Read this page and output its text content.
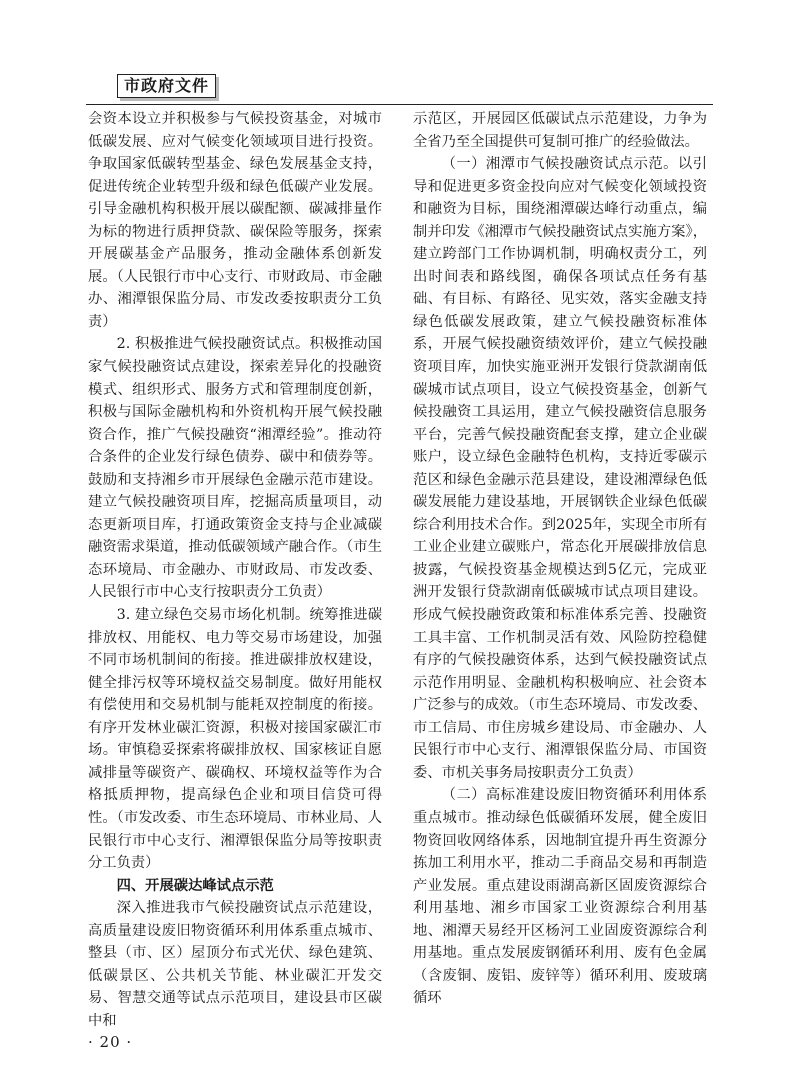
市政府文件

会资本设立并积极参与气候投资基金，对城市低碳发展、应对气候变化领域项目进行投资。争取国家低碳转型基金、绿色发展基金支持，促进传统企业转型升级和绿色低碳产业发展。引导金融机构积极开展以碳配额、碳减排量作为标的物进行质押贷款、碳保险等服务，探索开展碳基金产品服务，推动金融体系创新发展。（人民银行市中心支行、市财政局、市金融办、湘潭银保监分局、市发改委按职责分工负责）

2. 积极推进气候投融资试点。积极推动国家气候投融资试点建设，探索差异化的投融资模式、组织形式、服务方式和管理制度创新，积极与国际金融机构和外资机构开展气候投融资合作，推广气候投融资“湘潭经验”。推动符合条件的企业发行绿色债券、碳中和债券等。鼓励和支持湘乡市开展绿色金融示范市建设。建立气候投融资项目库，挖掘高质量项目，动态更新项目库，打通政策资金支持与企业减碳融资需求渠道，推动低碳领域产融合作。（市生态环境局、市金融办、市财政局、市发改委、人民银行市中心支行按职责分工负责）

3. 建立绿色交易市场化机制。统筹推进碳排放权、用能权、电力等交易市场建设，加强不同市场机制间的衔接。推进碳排放权建设，健全排污权等环境权益交易制度。做好用能权有偿使用和交易机制与能耗双控制度的衔接。有序开发林业碳汇资源，积极对接国家碳汇市场。审慎稳妥探索将碳排放权、国家核证自愿减排量等碳资产、碳确权、环境权益等作为合格抵质押物，提高绿色企业和项目信贷可得性。（市发改委、市生态环境局、市林业局、人民银行市中心支行、湘潭银保监分局等按职责分工负责）

四、开展碳达峰试点示范

深入推进我市气候投融资试点示范建设，高质量建设废旧物资循环利用体系重点城市、整县（市、区）屋顶分布式光伏、绿色建筑、低碳景区、公共机关节能、林业碳汇开发交易、智慧交通等试点示范项目，建设县市区碳中和

示范区，开展园区低碳试点示范建设，力争为全省乃至全国提供可复制可推广的经验做法。

（一）湘潭市气候投融资试点示范。以引导和促进更多资金投向应对气候变化领域投资和融资为目标，围绕湘潭碳达峰行动重点，编制并印发《湘潭市气候投融资试点实施方案》，建立跨部门工作协调机制，明确权责分工，列出时间表和路线图，确保各项试点任务有基础、有目标、有路径、见实效，落实金融支持绿色低碳发展政策，建立气候投融资标准体系，开展气候投融资绩效评价，建立气候投融资项目库，加快实施亚洲开发银行贷款湖南低碳城市试点项目，设立气候投资基金，创新气候投融资工具运用，建立气候投融资信息服务平台，完善气候投融资配套支撑，建立企业碳账户，设立绿色金融特色机构，支持近零碳示范区和绿色金融示范县建设，建设湘潭绿色低碳发展能力建设基地，开展钢铁企业绿色低碳综合利用技术合作。到2025年，实现全市所有工业企业建立碳账户，常态化开展碳排放信息披露，气候投资基金规模达到5亿元，完成亚洲开发银行贷款湖南低碳城市试点项目建设。形成气候投融资政策和标准体系完善、投融资工具丰富、工作机制灵活有效、风险防控稳健有序的气候投融资体系，达到气候投融资试点示范作用明显、金融机构积极响应、社会资本广泛参与的成效。（市生态环境局、市发改委、市工信局、市住房城乡建设局、市金融办、人民银行市中心支行、湘潭银保监分局、市国资委、市机关事务局按职责分工负责）

（二）高标准建设废旧物资循环利用体系重点城市。推动绿色低碳循环发展，健全废旧物资回收网络体系，因地制宜提升再生资源分拣加工利用水平，推动二手商品交易和再制造产业发展。重点建设雨湖高新区固废资源综合利用基地、湘乡市国家工业资源综合利用基地、湘潭天易经开区杨河工业固废资源综合利用基地。重点发展废钢循环利用、废有色金属（含废铜、废铝、废锌等）循环利用、废玻璃循环

· 20 ·
